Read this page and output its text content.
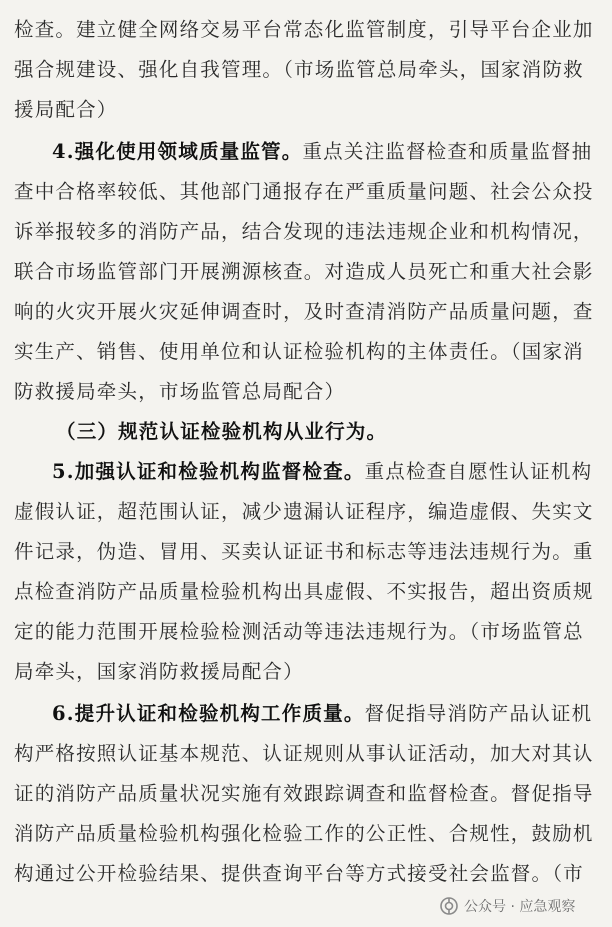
检查。建立健全网络交易平台常态化监管制度，引导平台企业加
强合规建设、强化自我管理。（市场监管总局牵头，国家消防救
援局配合）
4.强化使用领域质量监管。重点关注监督检查和质量监督抽
查中合格率较低、其他部门通报存在严重质量问题、社会公众投
诉举报较多的消防产品，结合发现的违法违规企业和机构情况，
联合市场监管部门开展溯源核查。对造成人员死亡和重大社会影
响的火灾开展火灾延伸调查时，及时查清消防产品质量问题，查
实生产、销售、使用单位和认证检验机构的主体责任。（国家消
防救援局牵头，市场监管总局配合）
（三）规范认证检验机构从业行为。
5.加强认证和检验机构监督检查。重点检查自愿性认证机构
虚假认证，超范围认证，减少遗漏认证程序，编造虚假、失实文
件记录，伪造、冒用、买卖认证证书和标志等违法违规行为。重
点检查消防产品质量检验机构出具虚假、不实报告，超出资质规
定的能力范围开展检验检测活动等违法违规行为。（市场监管总
局牵头，国家消防救援局配合）
6.提升认证和检验机构工作质量。督促指导消防产品认证机
构严格按照认证基本规范、认证规则从事认证活动，加大对其认
证的消防产品质量状况实施有效跟踪调查和监督检查。督促指导
消防产品质量检验机构强化检验工作的公正性、合规性，鼓励机
构通过公开检验结果、提供查询平台等方式接受社会监督。（市
公众号 · 应急观察
